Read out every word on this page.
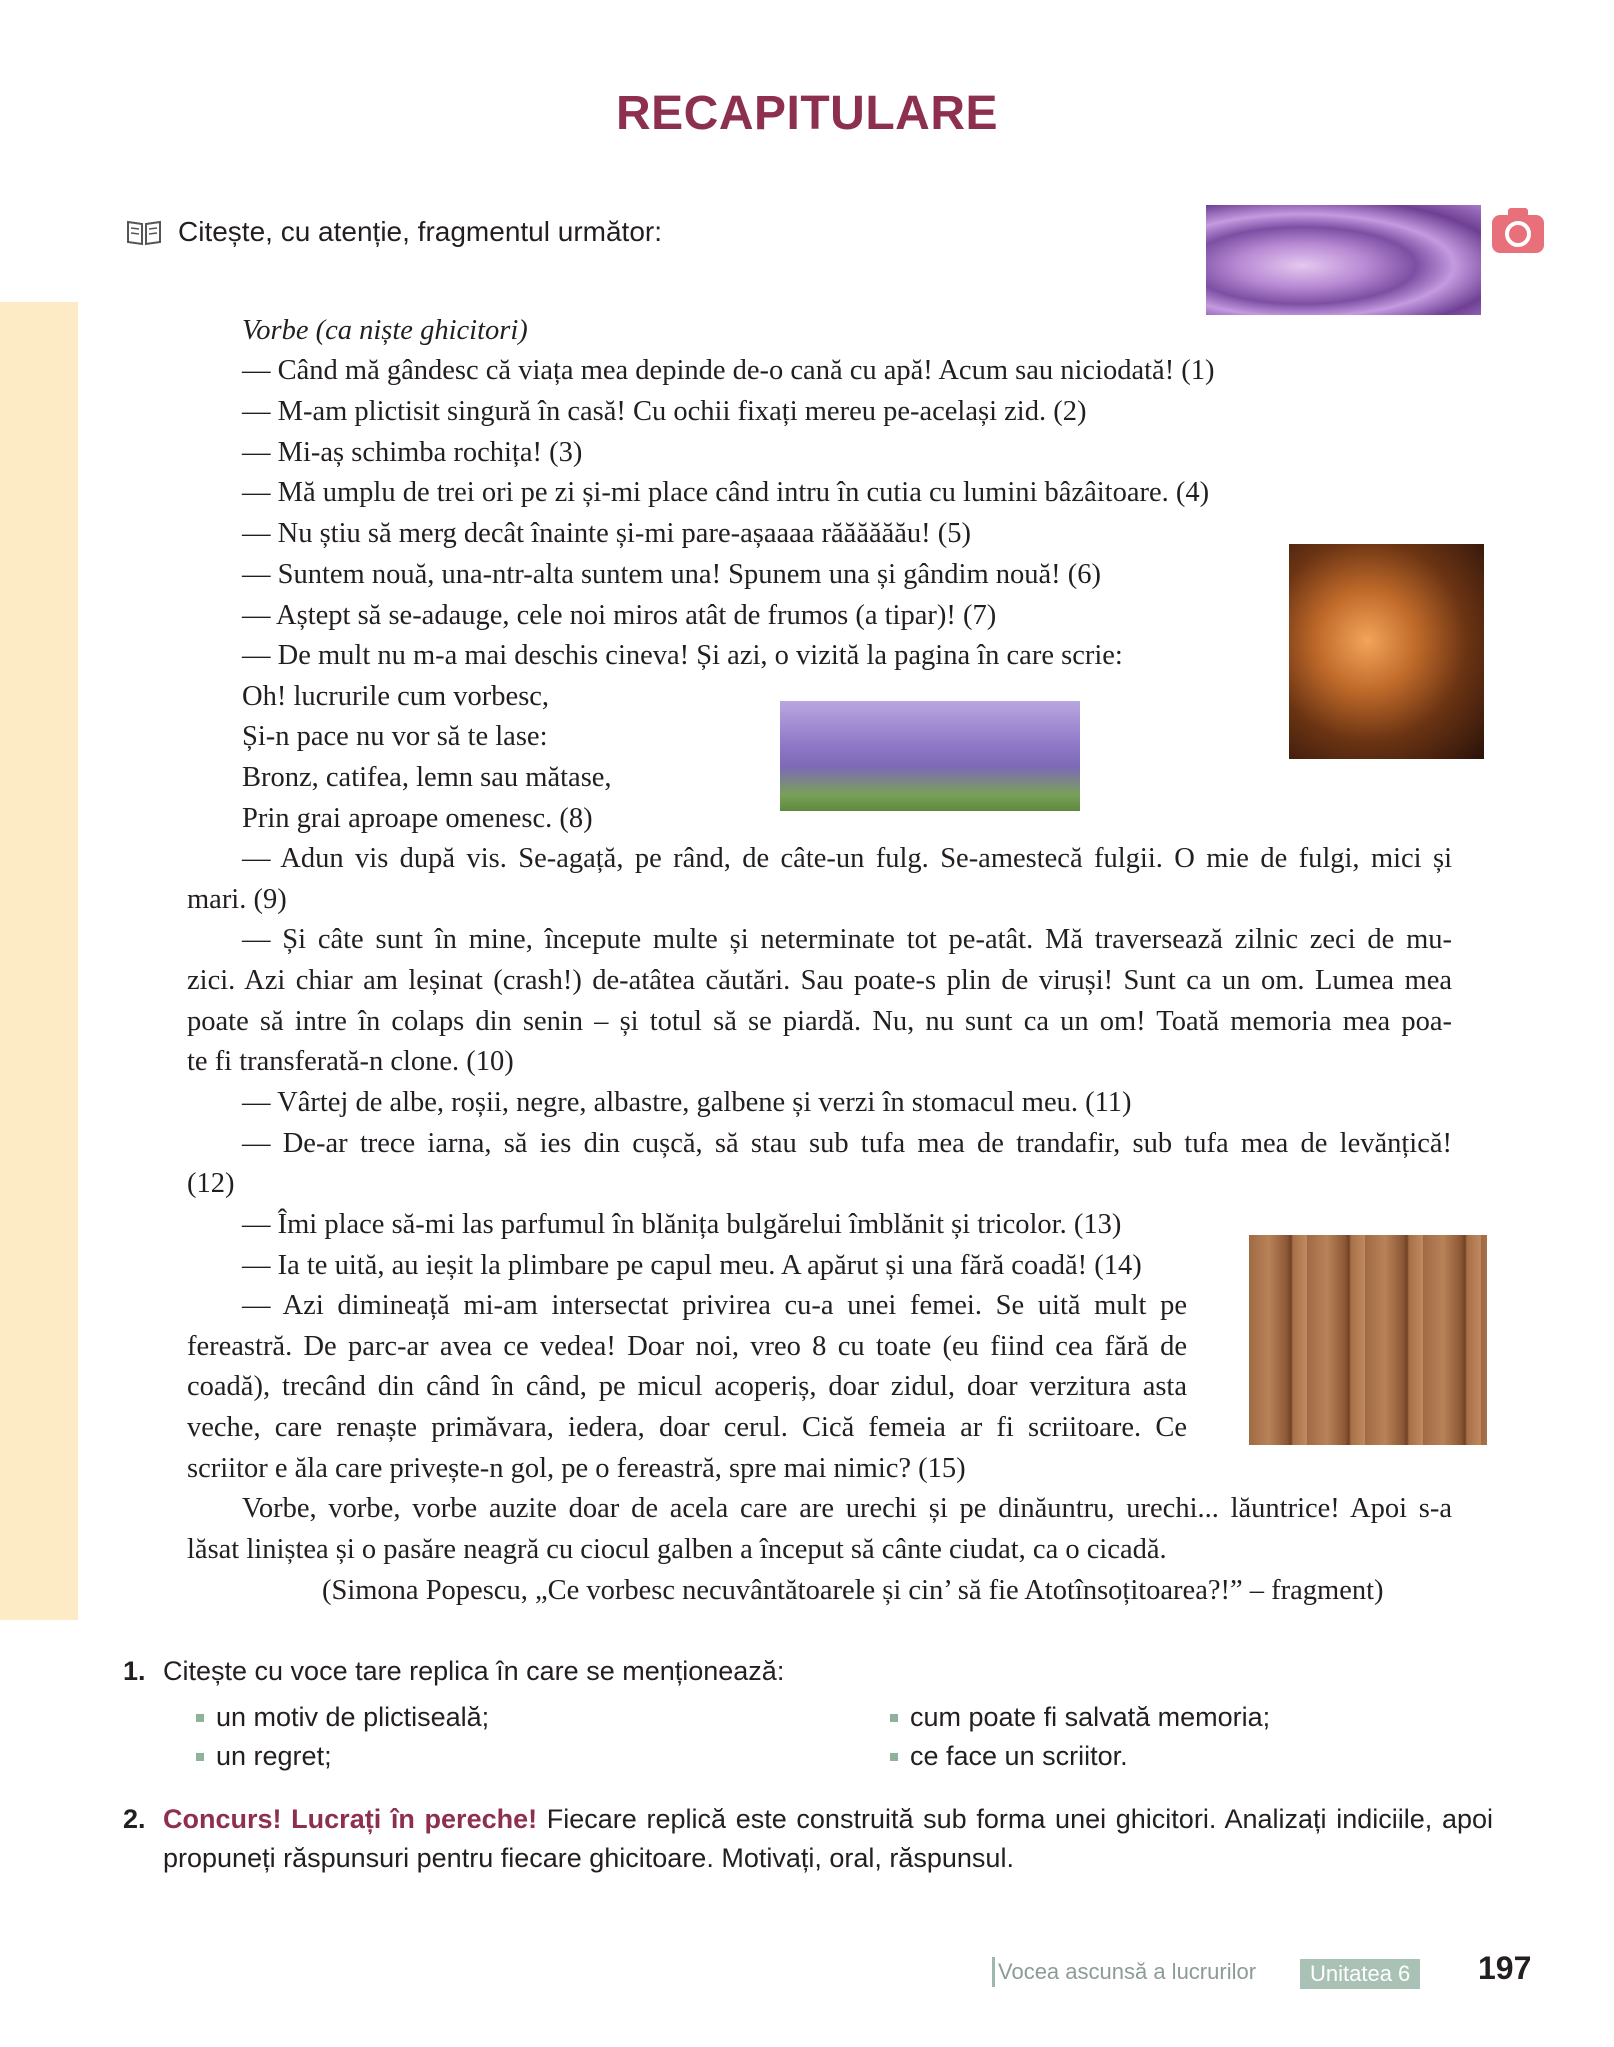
RECAPITULARE
Citește, cu atenție, fragmentul următor:
Vorbe (ca niște ghicitori)
— Când mă gândesc că viața mea depinde de-o cană cu apă! Acum sau niciodată! (1)
— M-am plictisit singură în casă! Cu ochii fixați mereu pe-același zid. (2)
— Mi-aș schimba rochița! (3)
— Mă umplu de trei ori pe zi și-mi place când intru în cutia cu lumini bâzâitoare. (4)
— Nu știu să merg decât înainte și-mi pare-așaaaa răăăăăău! (5)
— Suntem nouă, una-ntr-alta suntem una! Spunem una și gândim nouă! (6)
— Aștept să se-adauge, cele noi miros atât de frumos (a tipar)! (7)
— De mult nu m-a mai deschis cineva! Și azi, o vizită la pagina în care scrie:
Oh! lucrurile cum vorbesc,
Și-n pace nu vor să te lase:
Bronz, catifea, lemn sau mătase,
Prin grai aproape omenesc. (8)
— Adun vis după vis. Se-agață, pe rând, de câte-un fulg. Se-amestecă fulgii. O mie de fulgi, mici și
mari. (9)
— Și câte sunt în mine, începute multe și neterminate tot pe-atât. Mă traversează zilnic zeci de mu-
zici. Azi chiar am leșinat (crash!) de-atâtea căutări. Sau poate-s plin de viruși! Sunt ca un om. Lumea mea
poate să intre în colaps din senin – și totul să se piardă. Nu, nu sunt ca un om! Toată memoria mea poa-
te fi transferată-n clone. (10)
— Vârtej de albe, roșii, negre, albastre, galbene și verzi în stomacul meu. (11)
— De-ar trece iarna, să ies din cușcă, să stau sub tufa mea de trandafir, sub tufa mea de levănțică!
(12)
— Îmi place să-mi las parfumul în blănița bulgărelui îmblănit și tricolor. (13)
— Ia te uită, au ieșit la plimbare pe capul meu. A apărut și una fără coadă! (14)
— Azi dimineață mi-am intersectat privirea cu-a unei femei. Se uită mult pe
fereastră. De parc-ar avea ce vedea! Doar noi, vreo 8 cu toate (eu fiind cea fără de
coadă), trecând din când în când, pe micul acoperiș, doar zidul, doar verzitura asta
veche, care renaște primăvara, iedera, doar cerul. Cică femeia ar fi scriitoare. Ce
scriitor e ăla care privește-n gol, pe o fereastră, spre mai nimic? (15)
Vorbe, vorbe, vorbe auzite doar de acela care are urechi și pe dinăuntru, urechi... lăuntrice! Apoi s-a
lăsat liniștea și o pasăre neagră cu ciocul galben a început să cânte ciudat, ca o cicadă.
(Simona Popescu, „Ce vorbesc necuvântătoarele și cin’ să fie Atotînsoțitoarea?!” – fragment)
1. Citește cu voce tare replica în care se menționează:
un motiv de plictiseală;
un regret;
cum poate fi salvată memoria;
ce face un scriitor.
2. Concurs! Lucrați în pereche! Fiecare replică este construită sub forma unei ghicitori. Analizați indiciile, apoi
propuneți răspunsuri pentru fiecare ghicitoare. Motivați, oral, răspunsul.
Vocea ascunsă a lucrurilor	Unitatea 6	197
